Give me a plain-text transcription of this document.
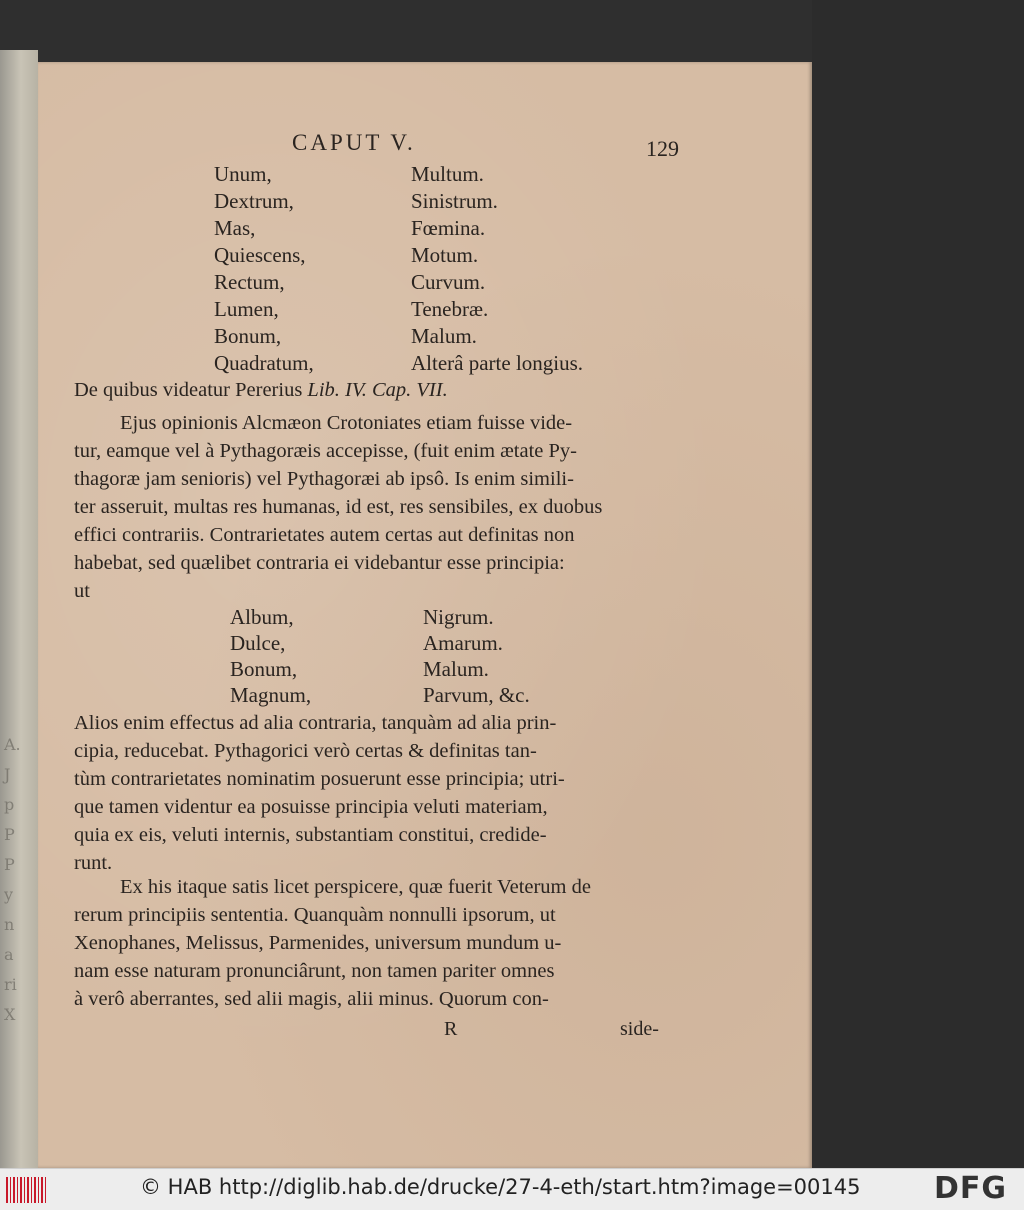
A.
J
p
P
P
y
n
a
ri
X
CAPUT V.	129
Unum,	Multum.
Dextrum,	Sinistrum.
Mas,	Fœmina.
Quiescens,	Motum.
Rectum,	Curvum.
Lumen,	Tenebræ.
Bonum,	Malum.
Quadratum,	Alterâ parte longius.
De quibus videatur Pererius Lib. IV. Cap. VII.
Ejus opinionis Alcmæon Crotoniates etiam fuisse vide-
tur, eamque vel à Pythagoræis accepisse, (fuit enim ætate Py-
thagoræ jam senioris) vel Pythagoræi ab ipsô. Is enim simili-
ter asseruit, multas res humanas, id est, res sensibiles, ex duobus
effici contrariis. Contrarietates autem certas aut definitas non
habebat, sed quælibet contraria ei videbantur esse principia:
ut
Album,	Nigrum.
Dulce,	Amarum.
Bonum,	Malum.
Magnum,	Parvum, &c.
Alios enim effectus ad alia contraria, tanquàm ad alia prin-
cipia, reducebat. Pythagorici verò certas & definitas tan-
tùm contrarietates nominatim posuerunt esse principia; utri-
que tamen videntur ea posuisse principia veluti materiam,
quia ex eis, veluti internis, substantiam constitui, credide-
runt.
Ex his itaque satis licet perspicere, quæ fuerit Veterum de
rerum principiis sententia. Quanquàm nonnulli ipsorum, ut
Xenophanes, Melissus, Parmenides, universum mundum u-
nam esse naturam pronunciârunt, non tamen pariter omnes
à verô aberrantes, sed alii magis, alii minus. Quorum con-
R	side-
© HAB http://diglib.hab.de/drucke/27-4-eth/start.htm?image=00145 DFG
